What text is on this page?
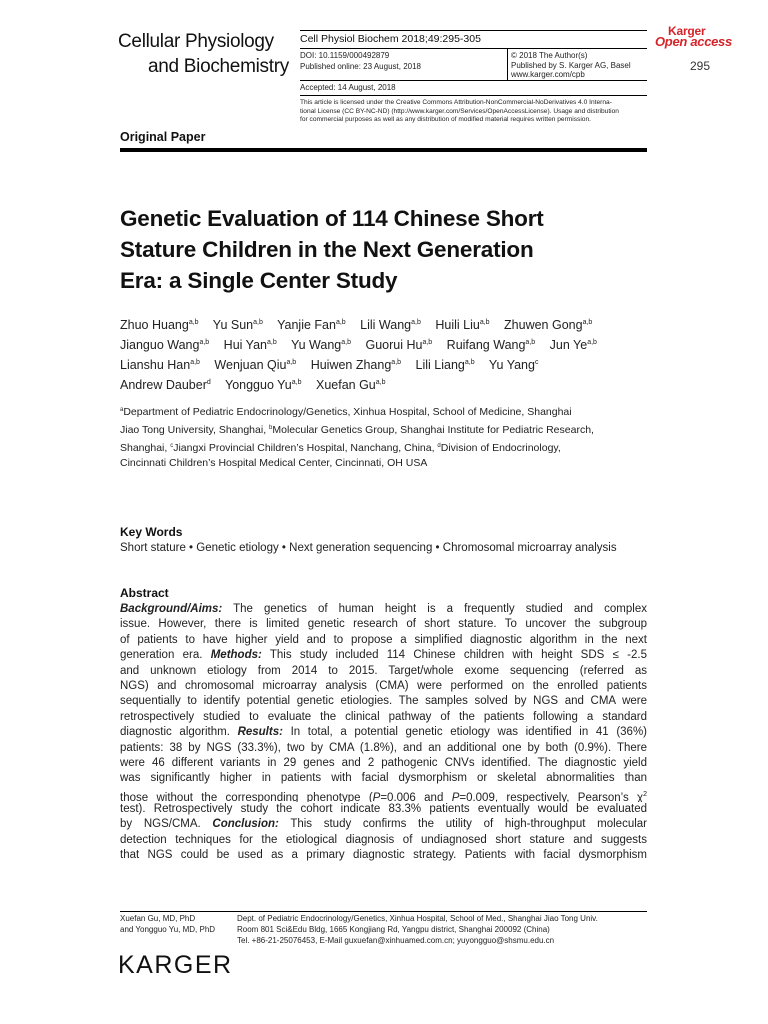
Cellular Physiology
and Biochemistry
Cell Physiol Biochem 2018;49:295-305
DOI: 10.1159/000492879
Published online: 23 August, 2018
© 2018 The Author(s)
Published by S. Karger AG, Basel
www.karger.com/cpb
Accepted: 14 August, 2018
This article is licensed under the Creative Commons Attribution-NonCommercial-NoDerivatives 4.0 Interna-
tional License (CC BY-NC-ND) (http://www.karger.com/Services/OpenAccessLicense). Usage and distribution
for commercial purposes as well as any distribution of modified material requires written permission.
Karger
Open access
295
Original Paper
Genetic Evaluation of 114 Chinese Short
Stature Children in the Next Generation
Era: a Single Center Study
Zhuo Huang$^{a,b}$ Yu Sun$^{a,b}$ Yanjie Fan$^{a,b}$ Lili Wang$^{a,b}$ Huili Liu$^{a,b}$ Zhuwen Gong$^{a,b}$
Jianguo Wang$^{a,b}$ Hui Yan$^{a,b}$ Yu Wang$^{a,b}$ Guorui Hu$^{a,b}$ Ruifang Wang$^{a,b}$ Jun Ye$^{a,b}$
Lianshu Han$^{a,b}$ Wenjuan Qiu$^{a,b}$ Huiwen Zhang$^{a,b}$ Lili Liang$^{a,b}$ Yu Yang$^c$
Andrew Dauber$^d$ Yongguo Yu$^{a,b}$ Xuefan Gu$^{a,b}$
$^a$Department of Pediatric Endocrinology/Genetics, Xinhua Hospital, School of Medicine, Shanghai
Jiao Tong University, Shanghai, $^b$Molecular Genetics Group, Shanghai Institute for Pediatric Research,
Shanghai, $^c$Jiangxi Provincial Children’s Hospital, Nanchang, China, $^d$Division of Endocrinology,
Cincinnati Children’s Hospital Medical Center, Cincinnati, OH USA
Key Words
Short stature • Genetic etiology • Next generation sequencing • Chromosomal microarray analysis
Abstract
Background/Aims: The genetics of human height is a frequently studied and complex
issue. However, there is limited genetic research of short stature. To uncover the subgroup
of patients to have higher yield and to propose a simplified diagnostic algorithm in the next
generation era. Methods: This study included 114 Chinese children with height SDS ≤ -2.5
and unknown etiology from 2014 to 2015. Target/whole exome sequencing (referred as
NGS) and chromosomal microarray analysis (CMA) were performed on the enrolled patients
sequentially to identify potential genetic etiologies. The samples solved by NGS and CMA were
retrospectively studied to evaluate the clinical pathway of the patients following a standard
diagnostic algorithm. Results: In total, a potential genetic etiology was identified in 41 (36%)
patients: 38 by NGS (33.3%), two by CMA (1.8%), and an additional one by both (0.9%). There
were 46 different variants in 29 genes and 2 pathogenic CNVs identified. The diagnostic yield
was significantly higher in patients with facial dysmorphism or skeletal abnormalities than
those without the corresponding phenotype (P=0.006 and P=0.009, respectively, Pearson’s $\chi^2$
test). Retrospectively study the cohort indicate 83.3% patients eventually would be evaluated
by NGS/CMA. Conclusion: This study confirms the utility of high-throughput molecular
detection techniques for the etiological diagnosis of undiagnosed short stature and suggests
that NGS could be used as a primary diagnostic strategy. Patients with facial dysmorphism
Xuefan Gu, MD, PhD
and Yongguo Yu, MD, PhD
Dept. of Pediatric Endocrinology/Genetics, Xinhua Hospital, School of Med., Shanghai Jiao Tong Univ.
Room 801 Sci&Edu Bldg, 1665 Kongjiang Rd, Yangpu district, Shanghai 200092 (China)
Tel. +86-21-25076453, E-Mail guxuefan@xinhuamed.com.cn; yuyongguo@shsmu.edu.cn
KARGER
